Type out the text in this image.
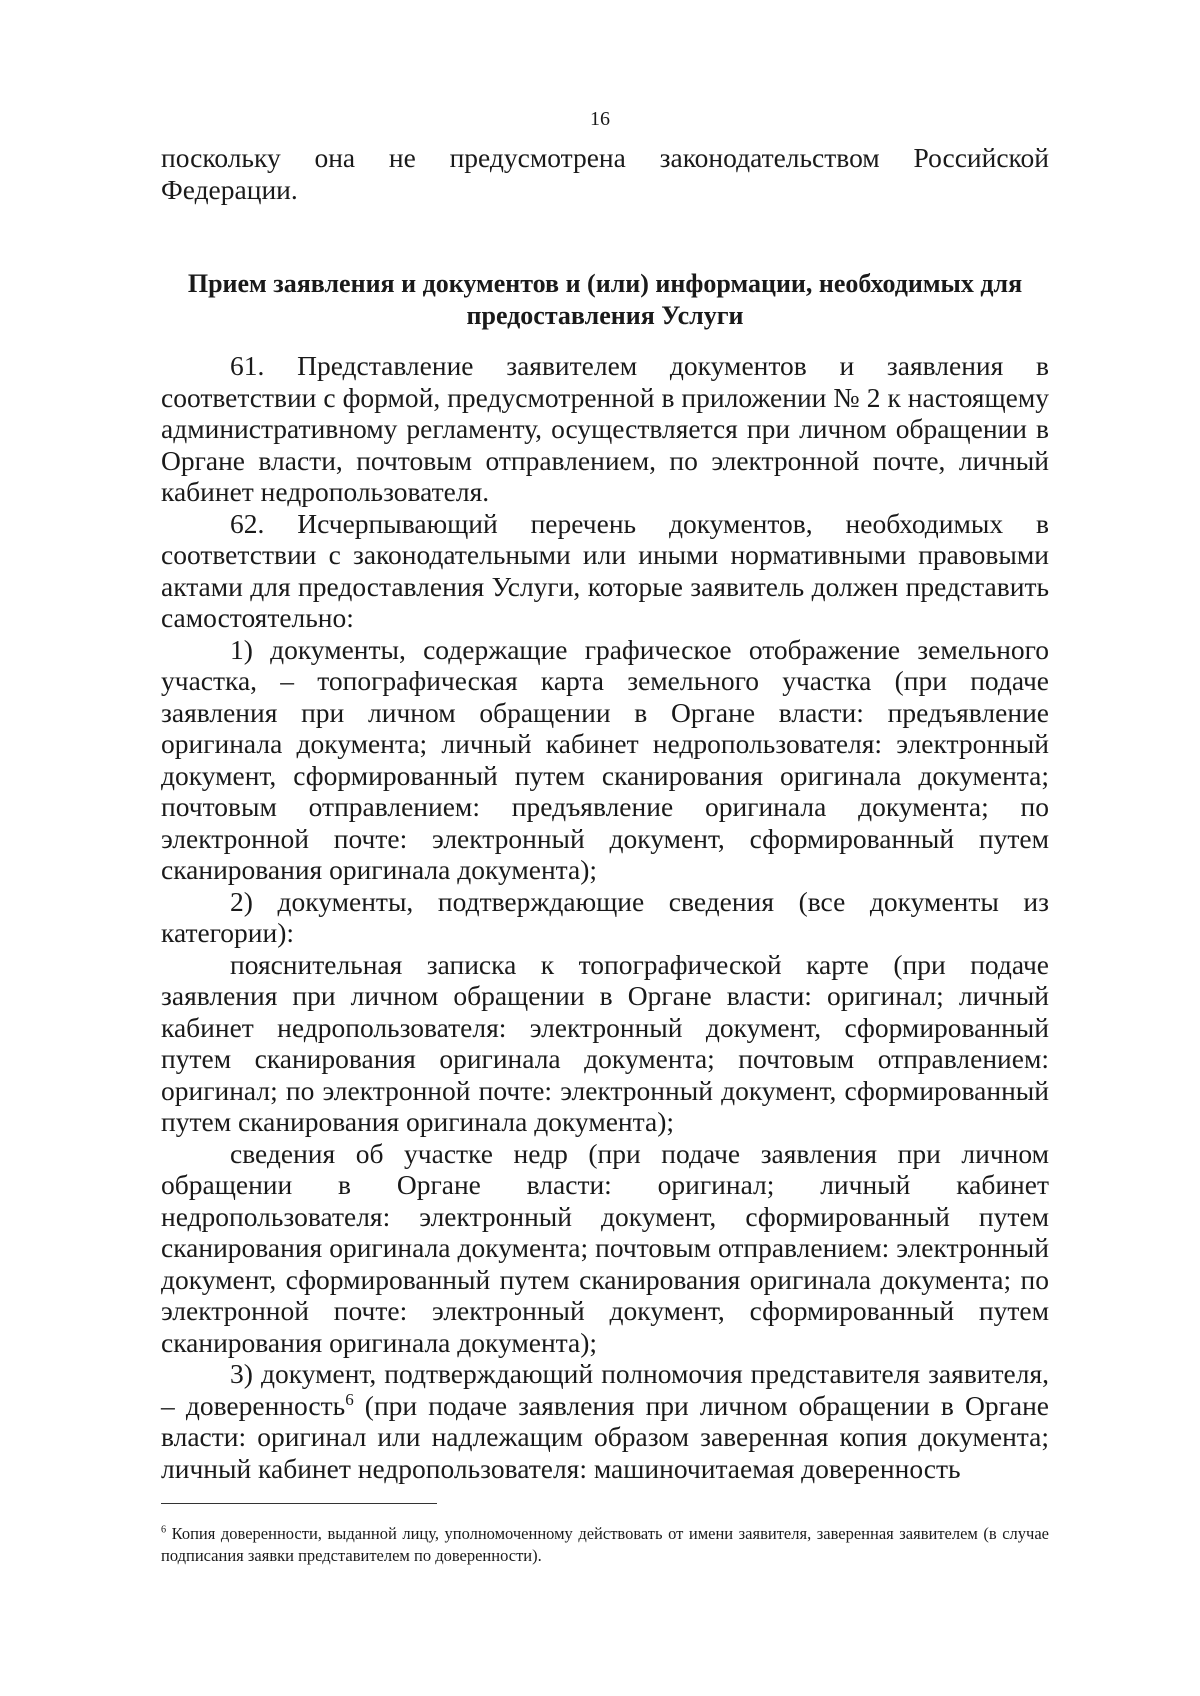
16

поскольку она не предусмотрена законодательством Российской Федерации.

Прием заявления и документов и (или) информации, необходимых для предоставления Услуги

61. Представление заявителем документов и заявления в соответствии с формой, предусмотренной в приложении № 2 к настоящему административному регламенту, осуществляется при личном обращении в Органе власти, почтовым отправлением, по электронной почте, личный кабинет недропользователя.

62. Исчерпывающий перечень документов, необходимых в соответствии с законодательными или иными нормативными правовыми актами для предоставления Услуги, которые заявитель должен представить самостоятельно:

1) документы, содержащие графическое отображение земельного участка, – топографическая карта земельного участка (при подаче заявления при личном обращении в Органе власти: предъявление оригинала документа; личный кабинет недропользователя: электронный документ, сформированный путем сканирования оригинала документа; почтовым отправлением: предъявление оригинала документа; по электронной почте: электронный документ, сформированный путем сканирования оригинала документа);

2) документы, подтверждающие сведения (все документы из категории):

пояснительная записка к топографической карте (при подаче заявления при личном обращении в Органе власти: оригинал; личный кабинет недропользователя: электронный документ, сформированный путем сканирования оригинала документа; почтовым отправлением: оригинал; по электронной почте: электронный документ, сформированный путем сканирования оригинала документа);

сведения об участке недр (при подаче заявления при личном обращении в Органе власти: оригинал; личный кабинет недропользователя: электронный документ, сформированный путем сканирования оригинала документа; почтовым отправлением: электронный документ, сформированный путем сканирования оригинала документа; по электронной почте: электронный документ, сформированный путем сканирования оригинала документа);

3) документ, подтверждающий полномочия представителя заявителя, – доверенность$^6$ (при подаче заявления при личном обращении в Органе власти: оригинал или надлежащим образом заверенная копия документа; личный кабинет недропользователя: машиночитаемая доверенность

$^6$ Копия доверенности, выданной лицу, уполномоченному действовать от имени заявителя, заверенная заявителем (в случае подписания заявки представителем по доверенности).
